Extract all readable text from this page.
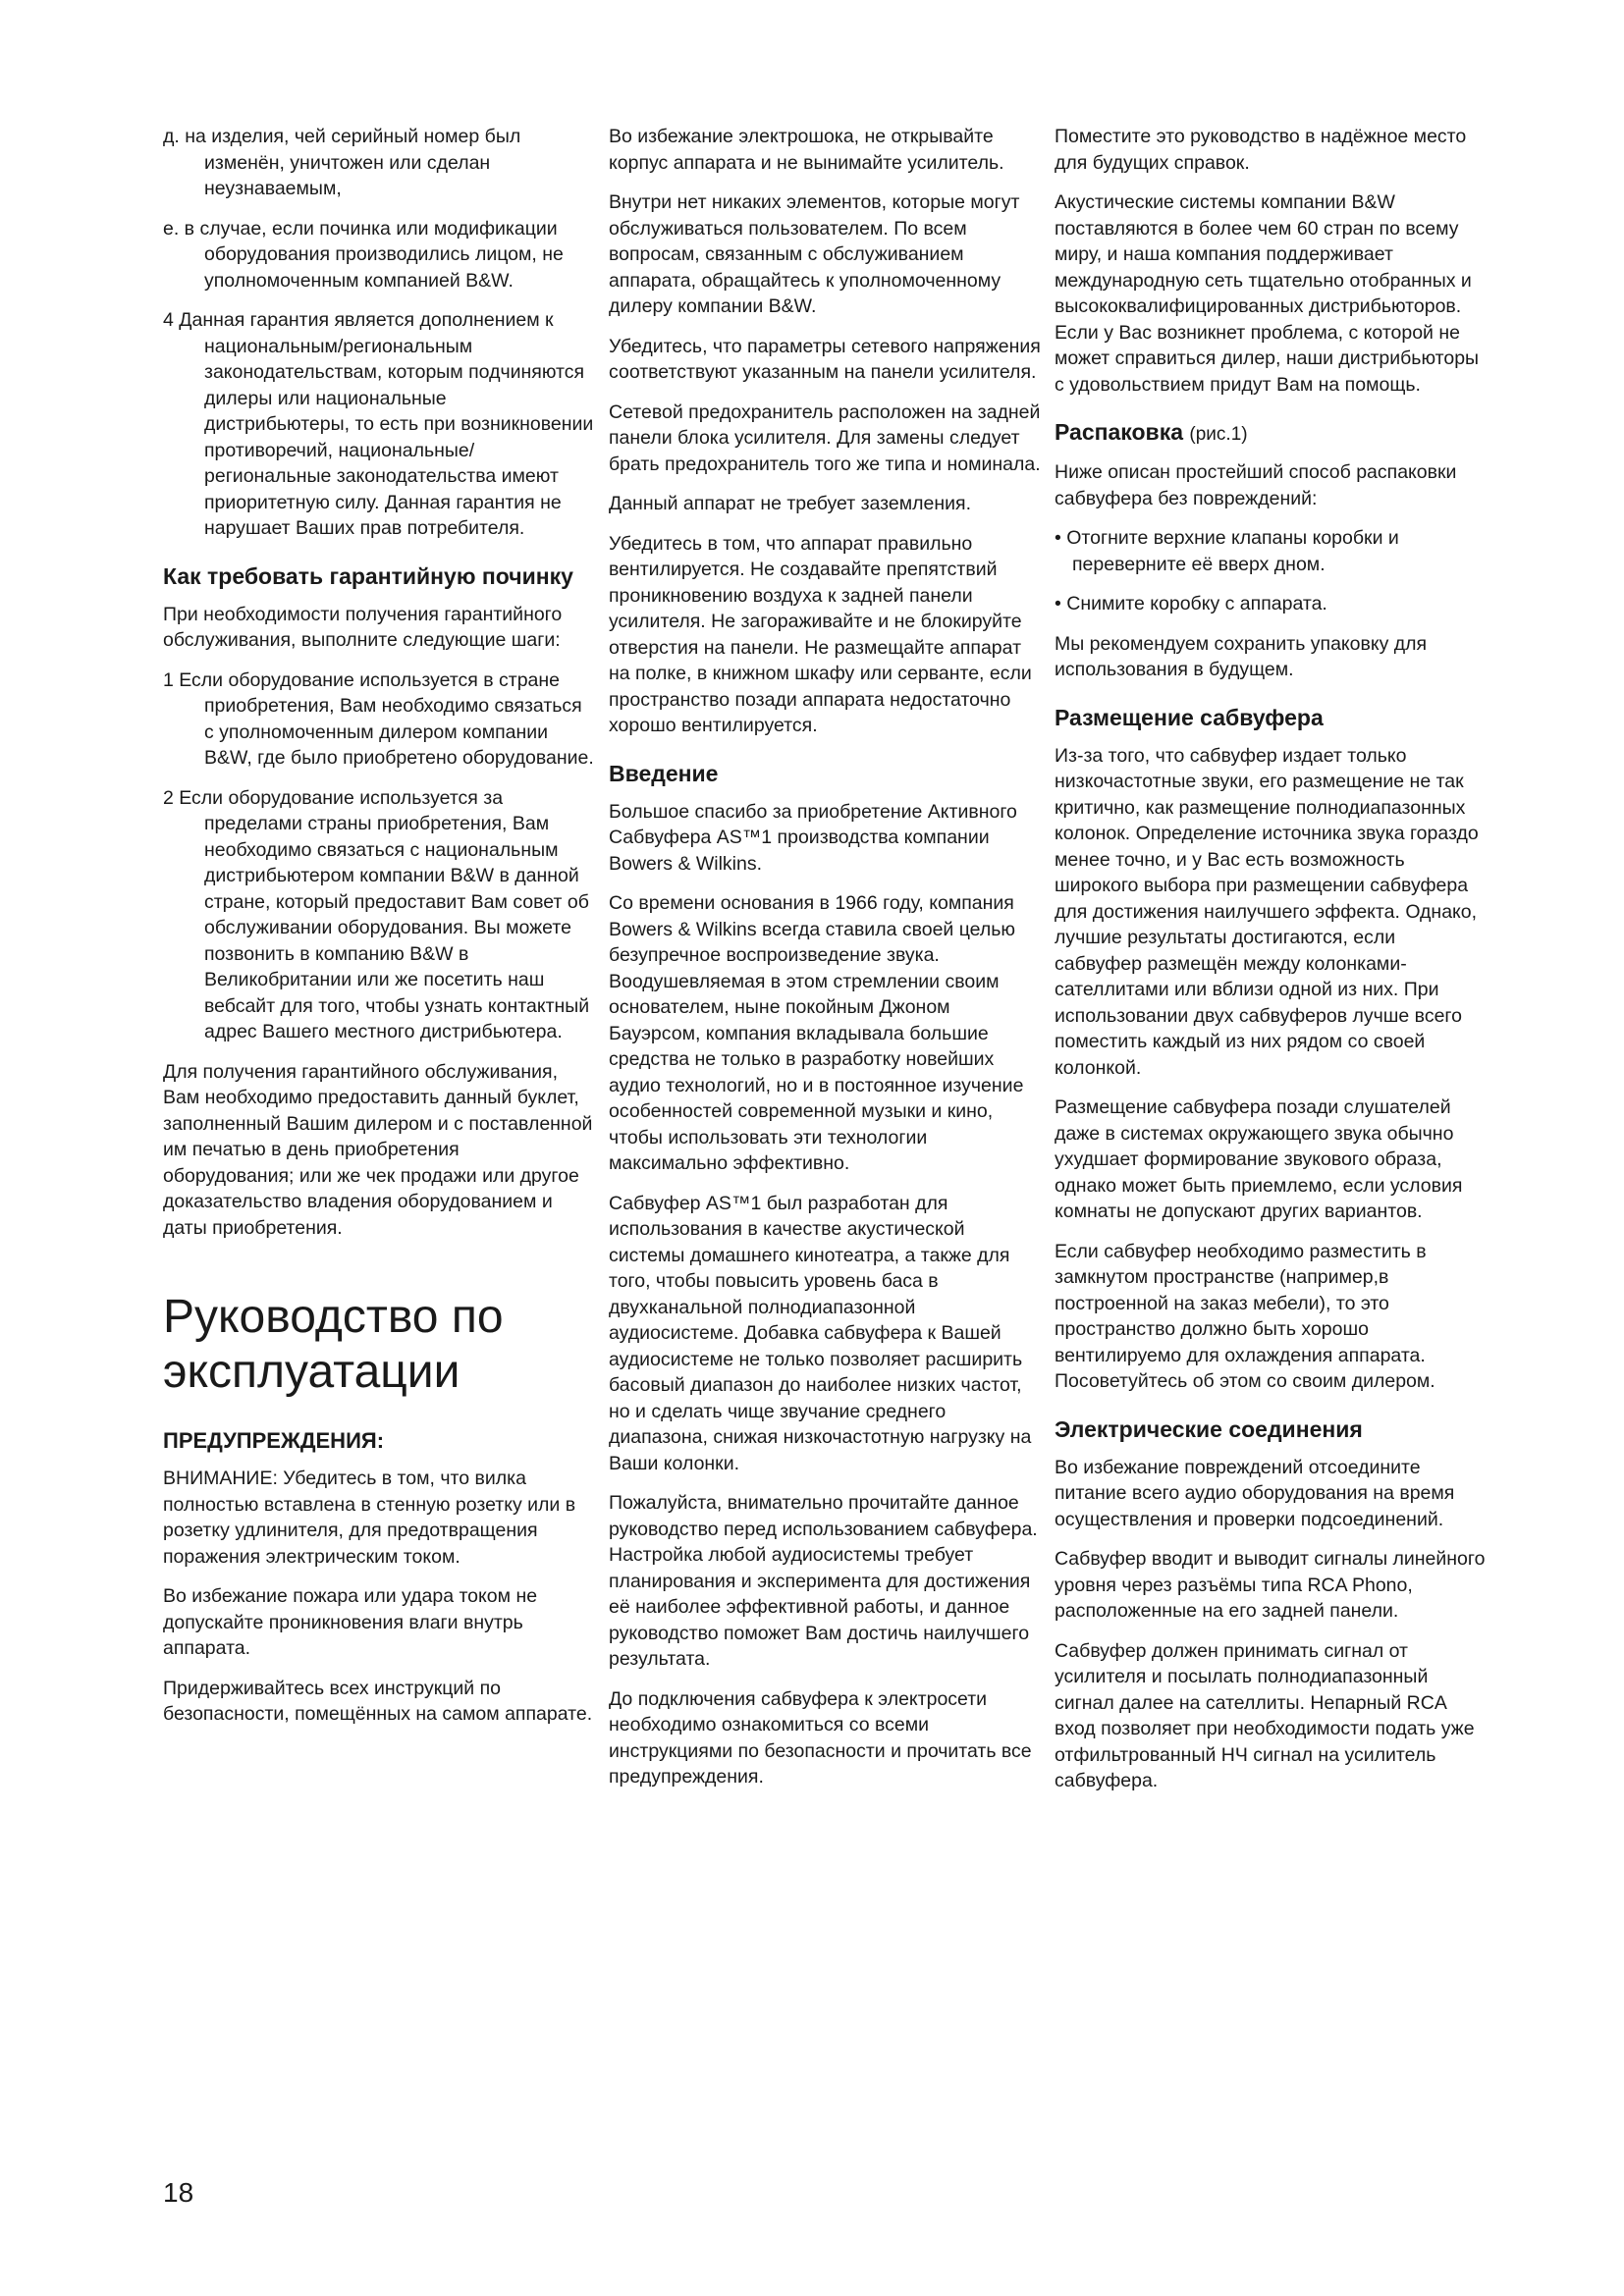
д. на изделия, чей серийный номер был изменён, уничтожен или сделан неузнаваемым,

е. в случае, если починка или модификации оборудования производились лицом, не уполномоченным компанией B&W.

4 Данная гарантия является дополнением к национальным/региональным законодательствам, которым подчиняются дилеры или национальные дистрибьютеры, то есть при возникновении противоречий, национальные/региональные законодательства имеют приоритетную силу. Данная гарантия не нарушает Ваших прав потребителя.

Как требовать гарантийную починку

При необходимости получения гарантийного обслуживания, выполните следующие шаги:

1 Если оборудование используется в стране приобретения, Вам необходимо связаться с уполномоченным дилером компании B&W, где было приобретено оборудование.

2 Если оборудование используется за пределами страны приобретения, Вам необходимо связаться с национальным дистрибьютером компании B&W в данной стране, который предоставит Вам совет об обслуживании оборудования. Вы можете позвонить в компанию B&W в Великобритании или же посетить наш вебсайт для того, чтобы узнать контактный адрес Вашего местного дистрибьютера.

Для получения гарантийного обслуживания, Вам необходимо предоставить данный буклет, заполненный Вашим дилером и с поставленной им печатью в день приобретения оборудования; или же чек продажи или другое доказательство владения оборудованием и даты приобретения.

Руководство по эксплуатации
ПРЕДУПРЕЖДЕНИЯ:

ВНИМАНИЕ: Убедитесь в том, что вилка полностью вставлена в стенную розетку или в розетку удлинителя, для предотвращения поражения электрическим током.

Во избежание пожара или удара током не допускайте проникновения влаги внутрь аппарата.

Придерживайтесь всех инструкций по безопасности, помещённых на самом аппарате.

Во избежание электрошока, не открывайте корпус аппарата и не вынимайте усилитель.

Внутри нет никаких элементов, которые могут обслуживаться пользователем. По всем вопросам, связанным с обслуживанием аппарата, обращайтесь к уполномоченному дилеру компании B&W.

Убедитесь, что параметры сетевого напряжения соответствуют указанным на панели усилителя.

Сетевой предохранитель расположен на задней панели блока усилителя. Для замены следует брать предохранитель того же типа и номинала.

Данный аппарат не требует заземления.

Убедитесь в том, что аппарат правильно вентилируется. Не создавайте препятствий проникновению воздуха к задней панели усилителя. Не загораживайте и не блокируйте отверстия на панели. Не размещайте аппарат на полке, в книжном шкафу или серванте, если пространство позади аппарата недостаточно хорошо вентилируется.

Введение

Большое спасибо за приобретение Активного Сабвуфера AS™1 производства компании Bowers & Wilkins.

Со времени основания в 1966 году, компания Bowers & Wilkins всегда ставила своей целью безупречное воспроизведение звука. Воодушевляемая в этом стремлении своим основателем, ныне покойным Джоном Бауэрсом, компания вкладывала большие средства не только в разработку новейших аудио технологий, но и в постоянное изучение особенностей современной музыки и кино, чтобы использовать эти технологии максимально эффективно.

Сабвуфер AS™1 был разработан для использования в качестве акустической системы домашнего кинотеатра, а также для того, чтобы повысить уровень баса в двухканальной полнодиапазонной аудиосистеме. Добавка сабвуфера к Вашей аудиосистеме не только позволяет расширить басовый диапазон до наиболее низких частот, но и сделать чище звучание среднего диапазона, снижая низкочастотную нагрузку на Ваши колонки.

Пожалуйста, внимательно прочитайте данное руководство перед использованием сабвуфера. Настройка любой аудиосистемы требует планирования и эксперимента для достижения её наиболее эффективной работы, и данное руководство поможет Вам достичь наилучшего результата.

До подключения сабвуфера к электросети необходимо ознакомиться со всеми инструкциями по безопасности и прочитать все предупреждения.

Поместите это руководство в надёжное место для будущих справок.

Акустические системы компании B&W поставляются в более чем 60 стран по всему миру, и наша компания поддерживает международную сеть тщательно отобранных и высококвалифицированных дистрибьюторов. Если у Вас возникнет проблема, с которой не может справиться дилер, наши дистрибьюторы с удовольствием придут Вам на помощь.

Распаковка (рис.1)

Ниже описан простейший способ распаковки сабвуфера без повреждений:

• Отогните верхние клапаны коробки и переверните её вверх дном.

• Снимите коробку с аппарата.

Мы рекомендуем сохранить упаковку для использования в будущем.

Размещение сабвуфера

Из-за того, что сабвуфер издает только низкочастотные звуки, его размещение не так критично, как размещение полнодиапазонных колонок. Определение источника звука гораздо менее точно, и у Вас есть возможность широкого выбора при размещении сабвуфера для достижения наилучшего эффекта. Однако, лучшие результаты достигаются, если сабвуфер размещён между колонками-сателлитами или вблизи одной из них. При использовании двух сабвуферов лучше всего поместить каждый из них рядом со своей колонкой.

Размещение сабвуфера позади слушателей даже в системах окружающего звука обычно ухудшает формирование звукового образа, однако может быть приемлемо, если условия комнаты не допускают других вариантов.

Если сабвуфер необходимо разместить в замкнутом пространстве (например,в построенной на заказ мебели), то это пространство должно быть хорошо вентилируемо для охлаждения аппарата. Посоветуйтесь об этом со своим дилером.

Электрические соединения

Во избежание повреждений отсоедините питание всего аудио оборудования на время осуществления и проверки подсоединений.

Сабвуфер вводит и выводит сигналы линейного уровня через разъёмы типа RCA Phono, расположенные на его задней панели.

Сабвуфер должен принимать сигнал от усилителя и посылать полнодиапазонный сигнал далее на сателлиты. Непарный RCA вход позволяет при необходимости подать уже отфильтрованный НЧ сигнал на усилитель сабвуфера.

18
